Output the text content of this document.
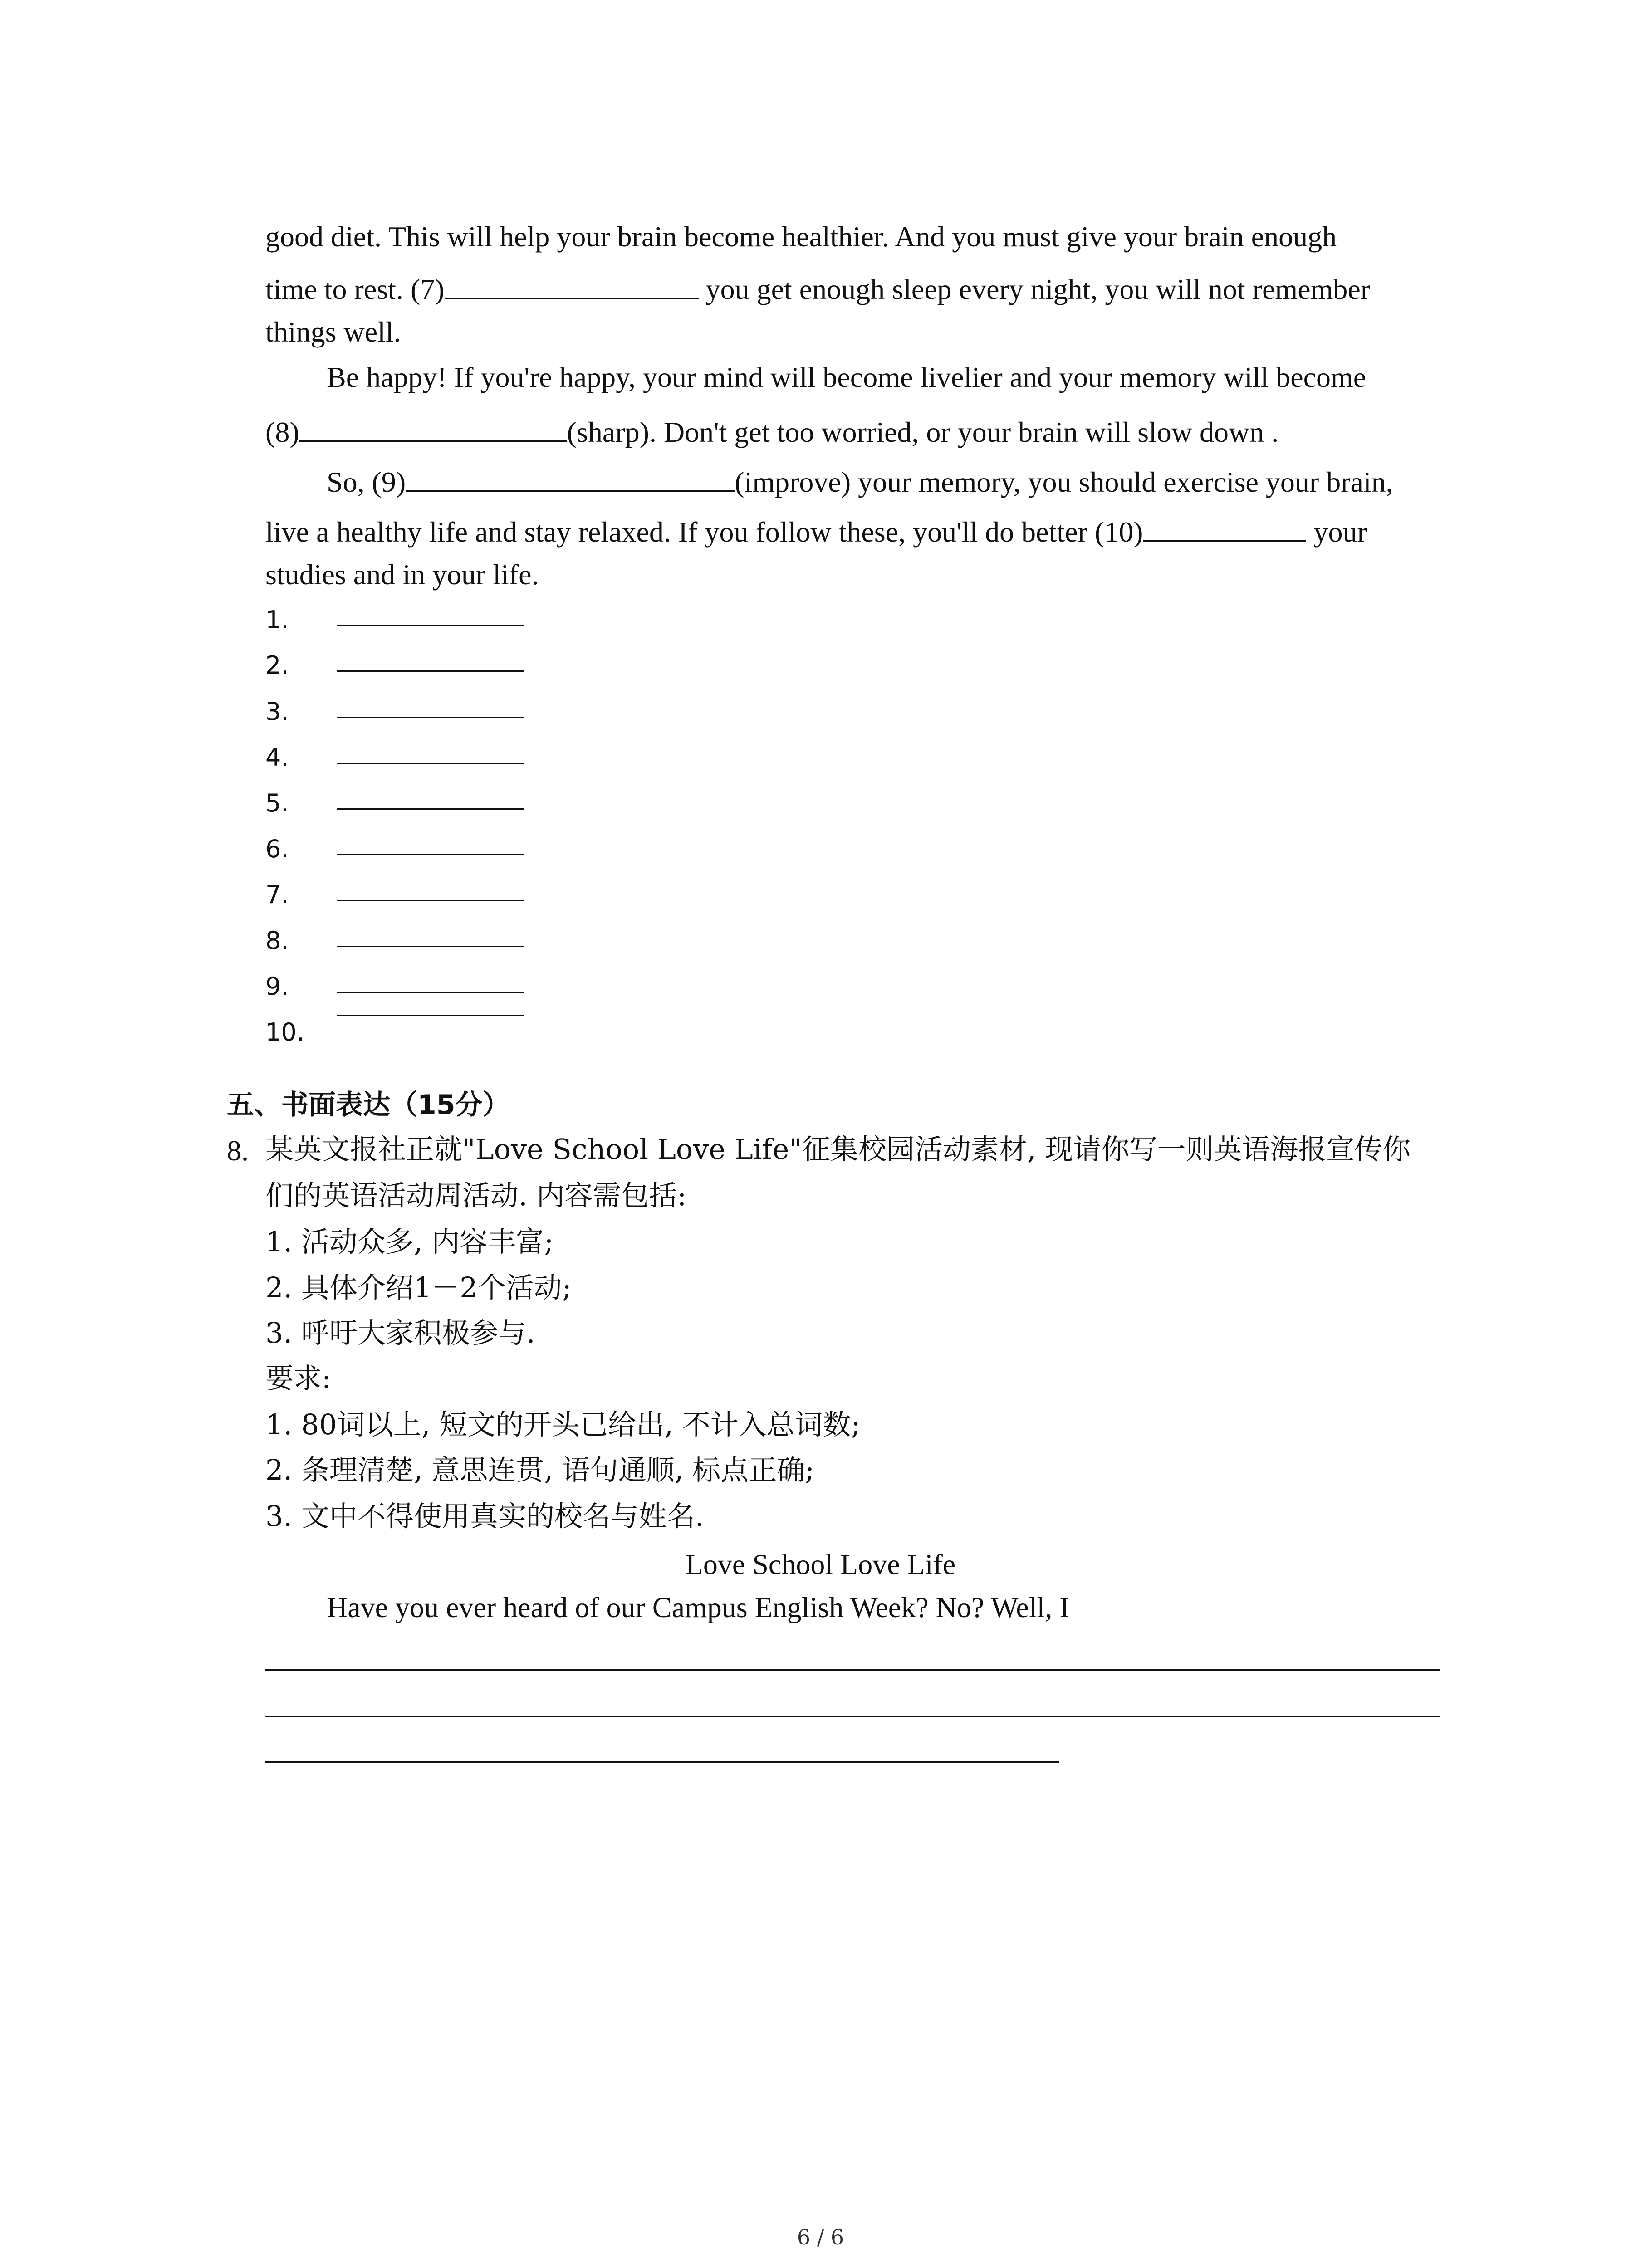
good diet. This will help your brain become healthier. And you must give your brain enough
time to rest. (7)	you get enough sleep every night, you will not remember
things well.
Be happy! If you're happy, your mind will become livelier and your memory will become
(8)	(sharp). Don't get too worried, or your brain will slow down .
So, (9)	(improve) your memory, you should exercise your brain,
live a healthy life and stay relaxed. If you follow these, you'll do better (10)	your
studies and in your life.
1.
2.
3.
4.
5.
6.
7.
8.
9.
10.
五、书面表达（15分）
8. 某英文报社正就"Love School Love Life"征集校园活动素材, 现请你写一则英语海报宣传你
们的英语活动周活动. 内容需包括:
1. 活动众多, 内容丰富;
2. 具体介绍1－2个活动;
3. 呼吁大家积极参与.
要求:
1. 80词以上, 短文的开头已给出, 不计入总词数;
2. 条理清楚, 意思连贯, 语句通顺, 标点正确;
3. 文中不得使用真实的校名与姓名.
Love School Love Life
Have you ever heard of our Campus English Week? No? Well, I
6 / 6
